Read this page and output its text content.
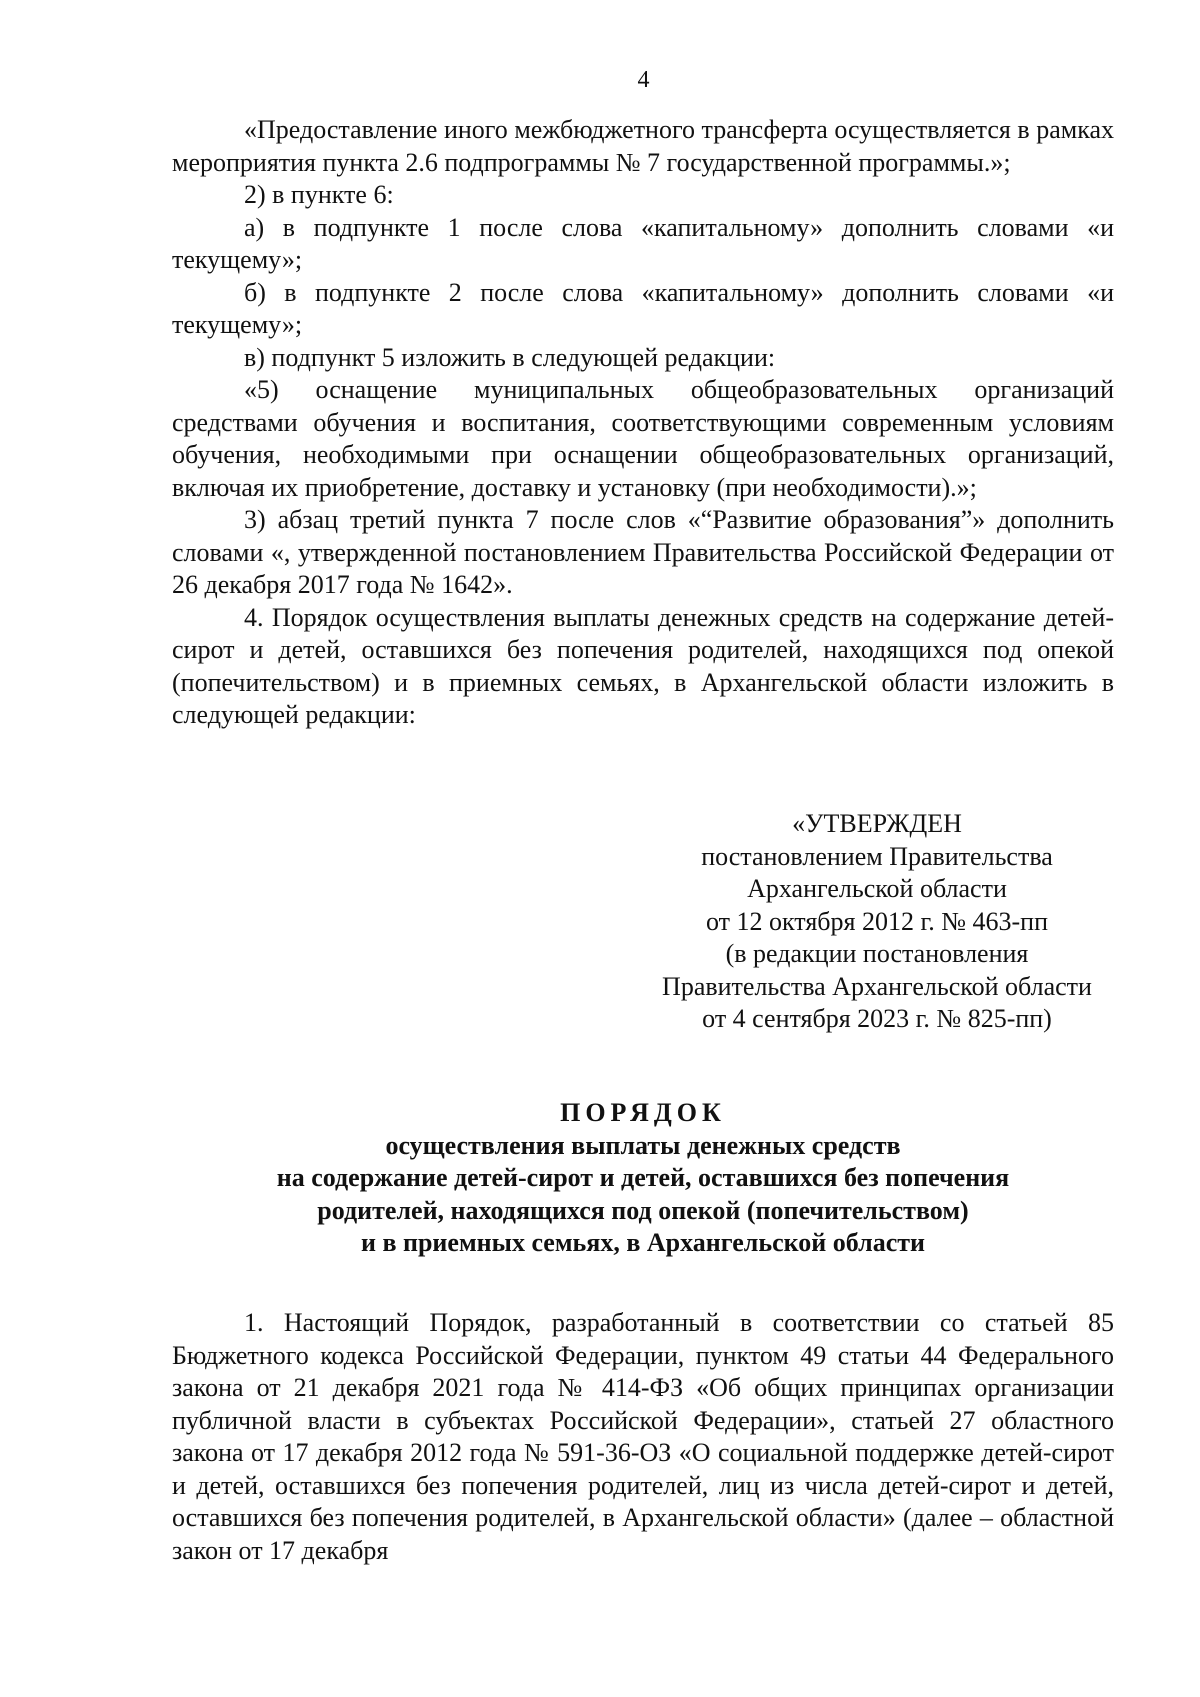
4

«Предоставление иного межбюджетного трансферта осуществляется в рамках мероприятия пункта 2.6 подпрограммы № 7 государственной программы.»;

2) в пункте 6:

а) в подпункте 1 после слова «капитальному» дополнить словами «и текущему»;

б) в подпункте 2 после слова «капитальному» дополнить словами «и текущему»;

в) подпункт 5 изложить в следующей редакции:

«5) оснащение муниципальных общеобразовательных организаций средствами обучения и воспитания, соответствующими современным условиям обучения, необходимыми при оснащении общеобразовательных организаций, включая их приобретение, доставку и установку (при необходимости).»;

3) абзац третий пункта 7 после слов «“Развитие образования”» дополнить словами «, утвержденной постановлением Правительства Российской Федерации от 26 декабря 2017 года № 1642».

4. Порядок осуществления выплаты денежных средств на содержание детей-сирот и детей, оставшихся без попечения родителей, находящихся под опекой (попечительством) и в приемных семьях, в Архангельской области изложить в следующей редакции:

«УТВЕРЖДЕН
постановлением Правительства
Архангельской области
от 12 октября 2012 г. № 463-пп
(в редакции постановления
Правительства Архангельской области
от 4 сентября 2023 г. № 825-пп)
ПОРЯДОК
осуществления выплаты денежных средств
на содержание детей-сирот и детей, оставшихся без попечения
родителей, находящихся под опекой (попечительством)
и в приемных семьях, в Архангельской области

1. Настоящий Порядок, разработанный в соответствии со статьей 85 Бюджетного кодекса Российской Федерации, пунктом 49 статьи 44 Федерального закона от 21 декабря 2021 года № 414-ФЗ «Об общих принципах организации публичной власти в субъектах Российской Федерации», статьей 27 областного закона от 17 декабря 2012 года № 591-36-ОЗ «О социальной поддержке детей-сирот и детей, оставшихся без попечения родителей, лиц из числа детей-сирот и детей, оставшихся без попечения родителей, в Архангельской области» (далее – областной закон от 17 декабря
